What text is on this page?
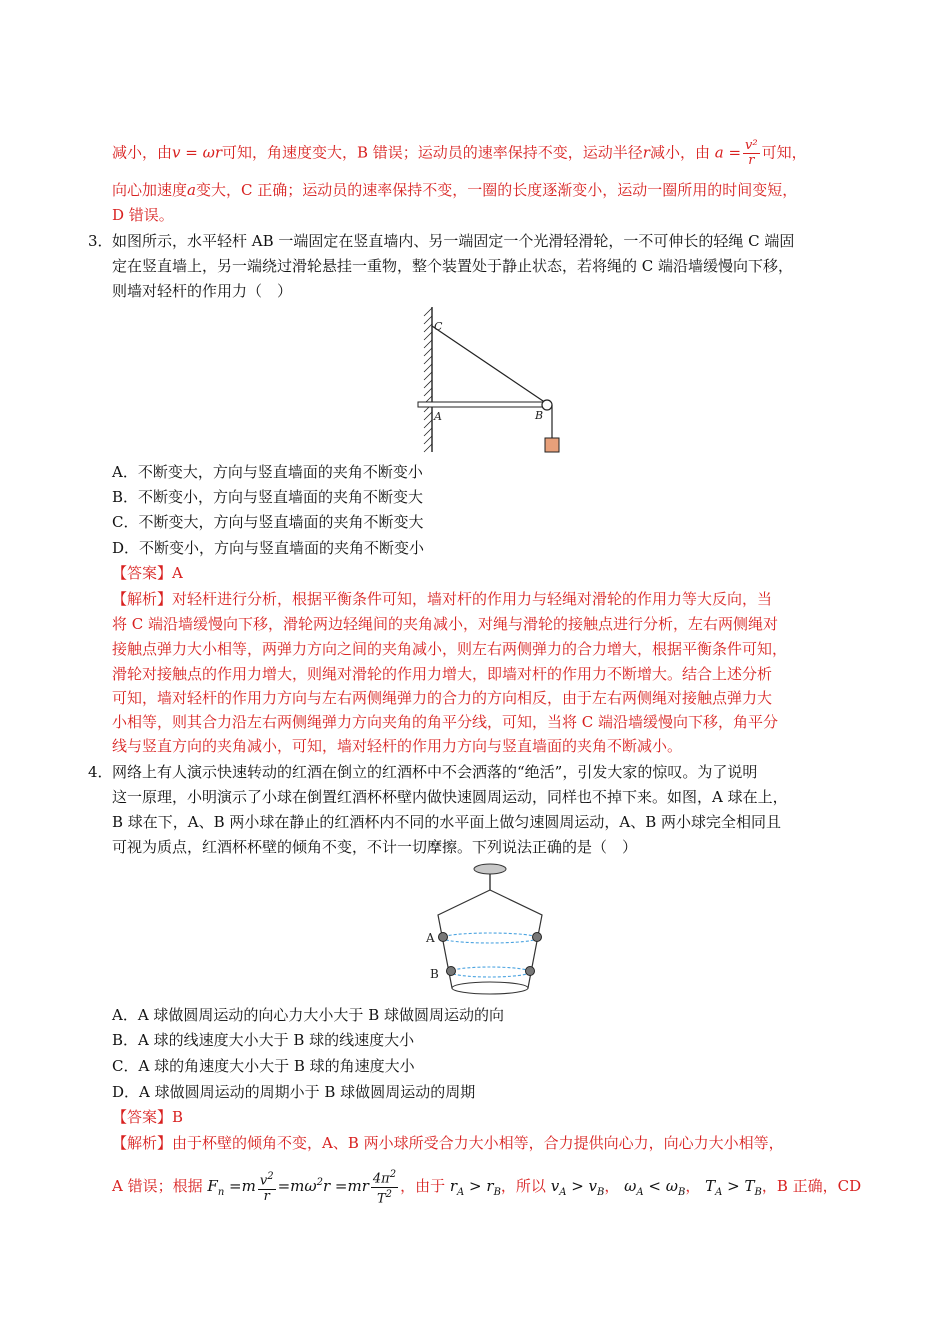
减小，由v = ωr可知，角速度变大，B 错误；运动员的速率保持不变，运动半径r减小，由 $a = \frac{\text{v²}}{r}$ 可知，
向心加速度a变大，C 正确；运动员的速率保持不变，一圈的长度逐渐变小，运动一圈所用的时间变短，
D 错误。
3． 如图所示，水平轻杆 AB 一端固定在竖直墙内、另一端固定一个光滑轻滑轮，一不可伸长的轻绳 C 端固
定在竖直墙上，另一端绕过滑轮悬挂一重物，整个装置处于静止状态，若将绳的 C 端沿墙缓慢向下移，
则墙对轻杆的作用力（　）
C
A	B
A．不断变大，方向与竖直墙面的夹角不断变小
B．不断变小，方向与竖直墙面的夹角不断变大
C．不断变大，方向与竖直墙面的夹角不断变大
D．不断变小，方向与竖直墙面的夹角不断变小
【答案】A
【解析】对轻杆进行分析，根据平衡条件可知，墙对杆的作用力与轻绳对滑轮的作用力等大反向，当
将 C 端沿墙缓慢向下移，滑轮两边轻绳间的夹角减小，对绳与滑轮的接触点进行分析，左右两侧绳对
接触点弹力大小相等，两弹力方向之间的夹角减小，则左右两侧弹力的合力增大，根据平衡条件可知，
滑轮对接触点的作用力增大，则绳对滑轮的作用力增大，即墙对杆的作用力不断增大。结合上述分析
可知，墙对轻杆的作用力方向与左右两侧绳弹力的合力的方向相反，由于左右两侧绳对接触点弹力大
小相等，则其合力沿左右两侧绳弹力方向夹角的角平分线，可知，当将 C 端沿墙缓慢向下移，角平分
线与竖直方向的夹角减小，可知，墙对轻杆的作用力方向与竖直墙面的夹角不断减小。
4． 网络上有人演示快速转动的红酒在倒立的红酒杯中不会洒落的“绝活”，引发大家的惊叹。为了说明
这一原理，小明演示了小球在倒置红酒杯杯壁内做快速圆周运动，同样也不掉下来。如图，A 球在上，
B 球在下，A、B 两小球在静止的红酒杯内不同的水平面上做匀速圆周运动，A、B 两小球完全相同且
可视为质点，红酒杯杯壁的倾角不变，不计一切摩擦。下列说法正确的是（　）
A
B
A．A 球做圆周运动的向心力大小大于 B 球做圆周运动的向
B．A 球的线速度大小大于 B 球的线速度大小
C．A 球的角速度大小大于 B 球的角速度大小
D．A 球做圆周运动的周期小于 B 球做圆周运动的周期
【答案】B
【解析】由于杯壁的倾角不变，A、B 两小球所受合力大小相等，合力提供向心力，向心力大小相等，
A 错误；根据 $F_n =m \frac{v^2}{r} =m\omega^2r =mr \frac{4\pi^2}{T^2}$ ，由于 $r_A > r_B$，所以 $v_A > v_B$， $\omega_A < \omega_B$， $T_A > T_B$，B 正确，CD
